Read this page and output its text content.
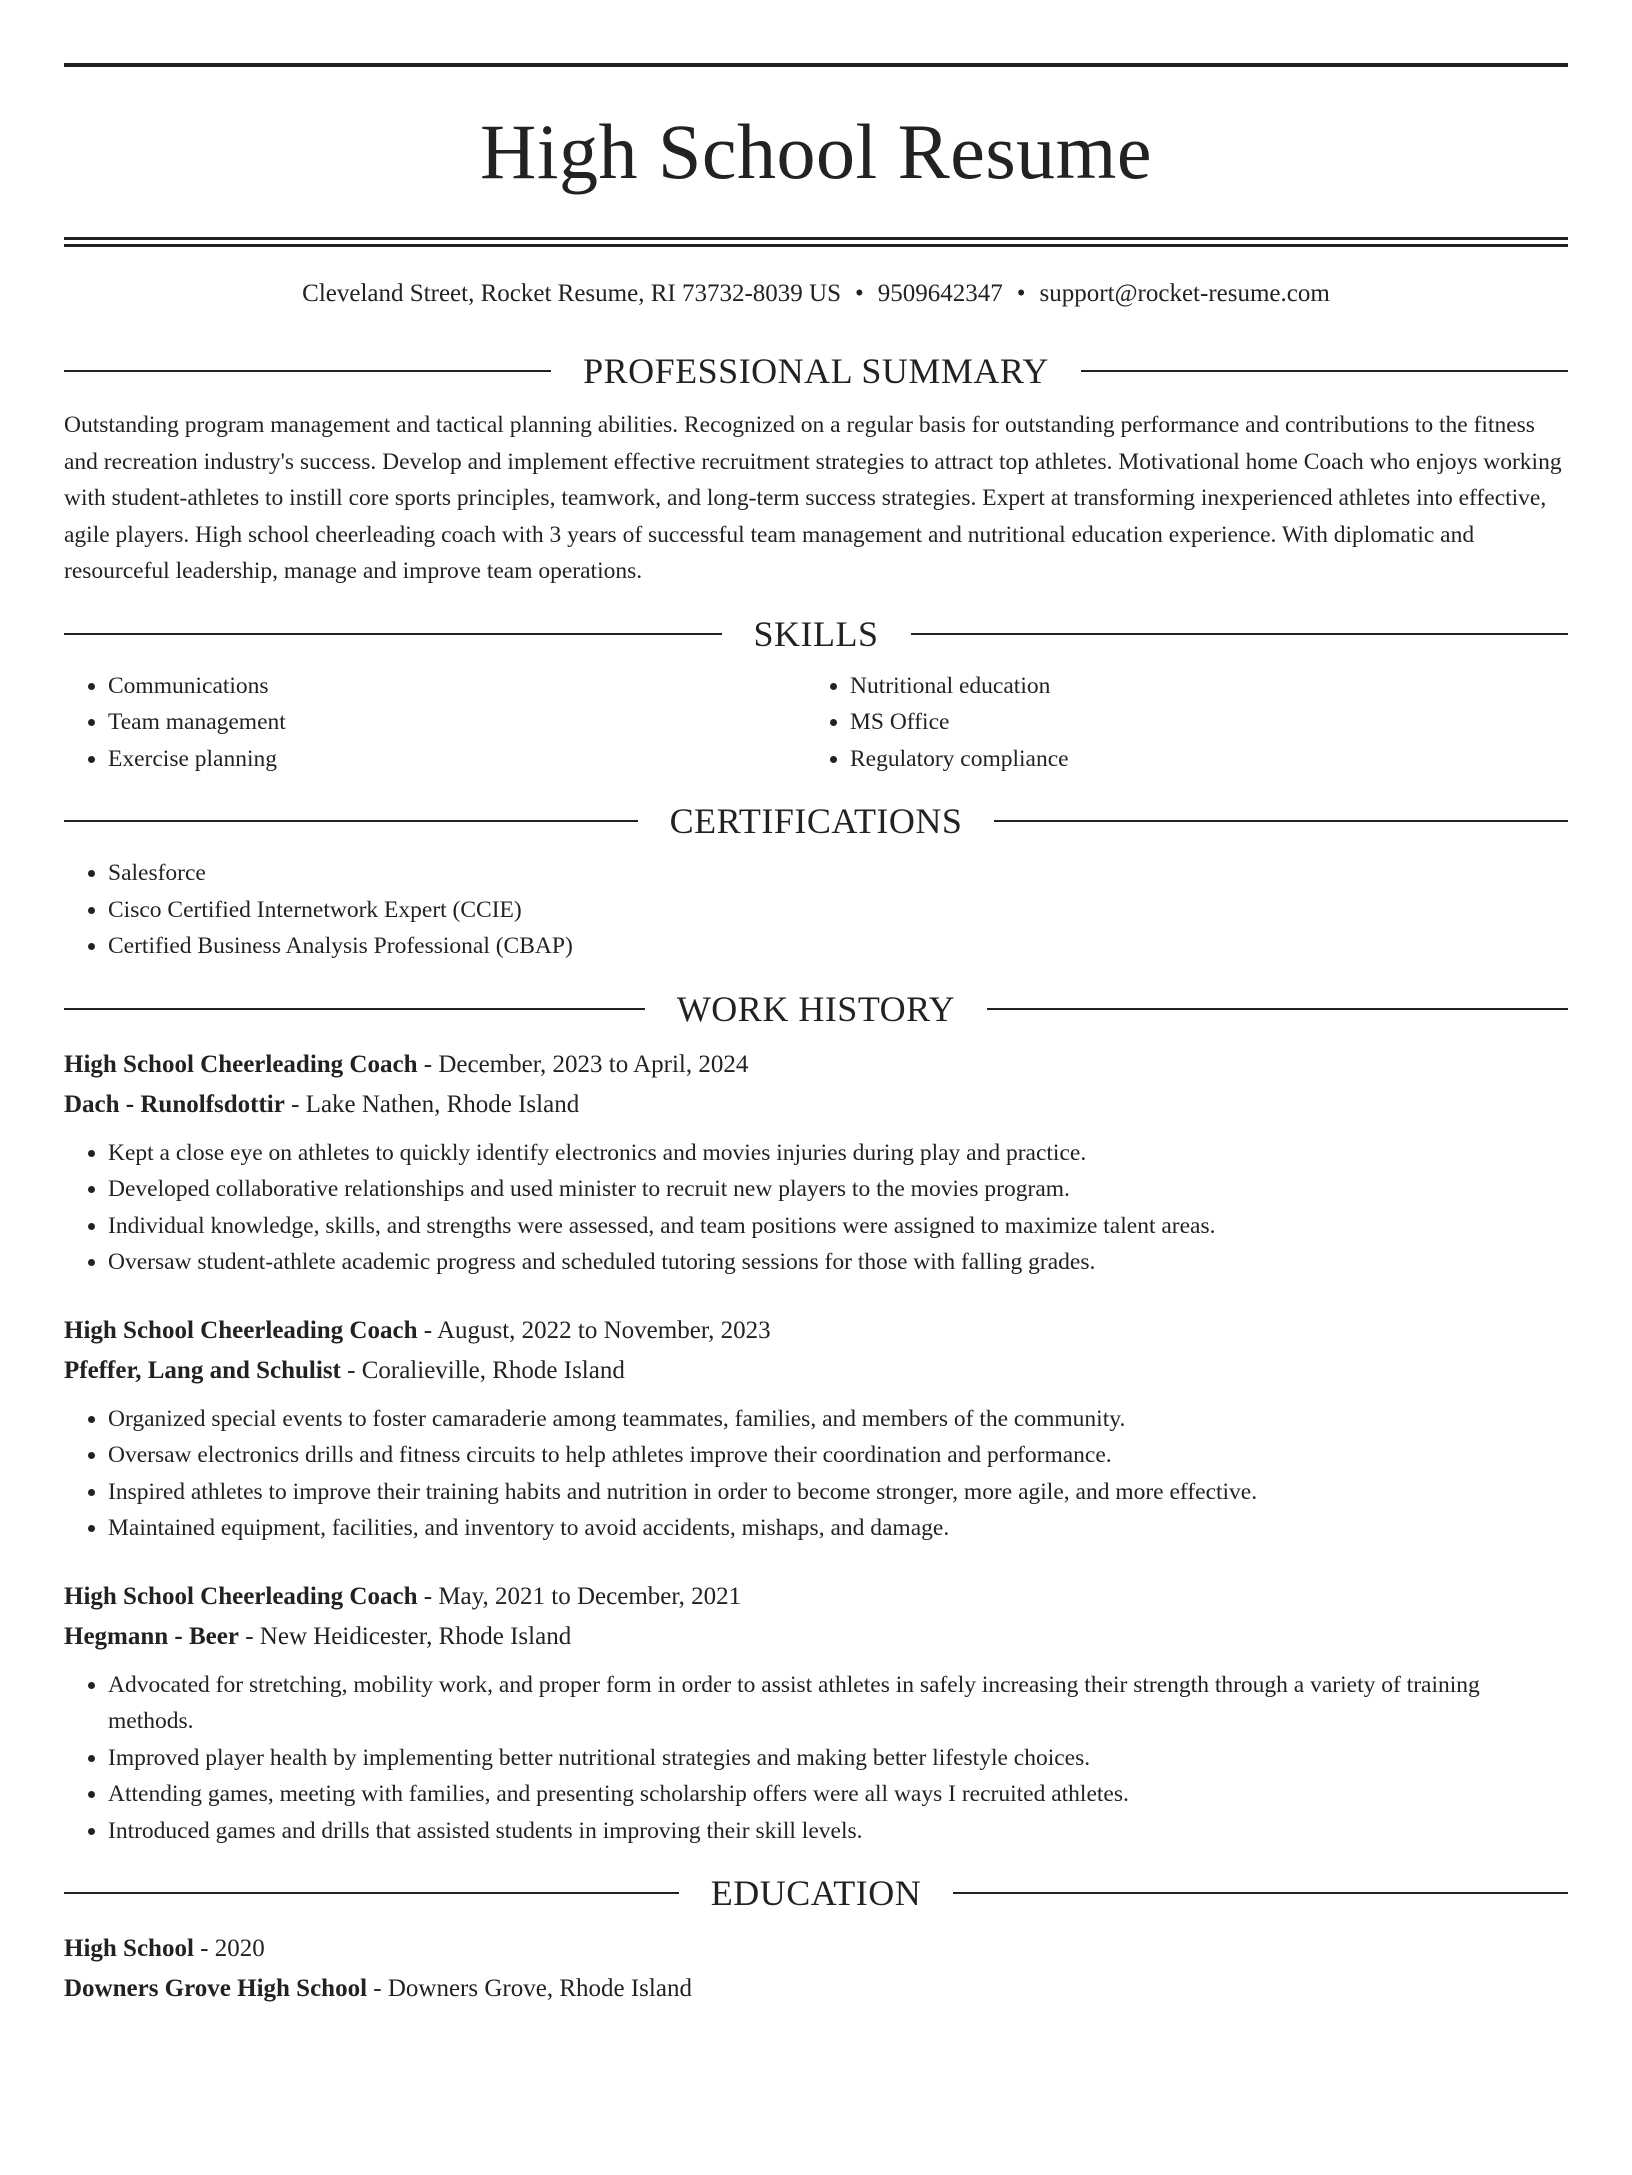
High School Resume
Cleveland Street, Rocket Resume, RI 73732-8039 US • 9509642347 • support@rocket-resume.com
PROFESSIONAL SUMMARY
Outstanding program management and tactical planning abilities. Recognized on a regular basis for outstanding performance and contributions to the fitness and recreation industry's success. Develop and implement effective recruitment strategies to attract top athletes. Motivational home Coach who enjoys working with student-athletes to instill core sports principles, teamwork, and long-term success strategies. Expert at transforming inexperienced athletes into effective, agile players. High school cheerleading coach with 3 years of successful team management and nutritional education experience. With diplomatic and resourceful leadership, manage and improve team operations.
SKILLS
• Communications
• Team management
• Exercise planning
• Nutritional education
• MS Office
• Regulatory compliance
CERTIFICATIONS
• Salesforce
• Cisco Certified Internetwork Expert (CCIE)
• Certified Business Analysis Professional (CBAP)
WORK HISTORY
High School Cheerleading Coach - December, 2023 to April, 2024
Dach - Runolfsdottir - Lake Nathen, Rhode Island
• Kept a close eye on athletes to quickly identify electronics and movies injuries during play and practice.
• Developed collaborative relationships and used minister to recruit new players to the movies program.
• Individual knowledge, skills, and strengths were assessed, and team positions were assigned to maximize talent areas.
• Oversaw student-athlete academic progress and scheduled tutoring sessions for those with falling grades.
High School Cheerleading Coach - August, 2022 to November, 2023
Pfeffer, Lang and Schulist - Coralieville, Rhode Island
• Organized special events to foster camaraderie among teammates, families, and members of the community.
• Oversaw electronics drills and fitness circuits to help athletes improve their coordination and performance.
• Inspired athletes to improve their training habits and nutrition in order to become stronger, more agile, and more effective.
• Maintained equipment, facilities, and inventory to avoid accidents, mishaps, and damage.
High School Cheerleading Coach - May, 2021 to December, 2021
Hegmann - Beer - New Heidicester, Rhode Island
• Advocated for stretching, mobility work, and proper form in order to assist athletes in safely increasing their strength through a variety of training methods.
• Improved player health by implementing better nutritional strategies and making better lifestyle choices.
• Attending games, meeting with families, and presenting scholarship offers were all ways I recruited athletes.
• Introduced games and drills that assisted students in improving their skill levels.
EDUCATION
High School - 2020
Downers Grove High School - Downers Grove, Rhode Island
